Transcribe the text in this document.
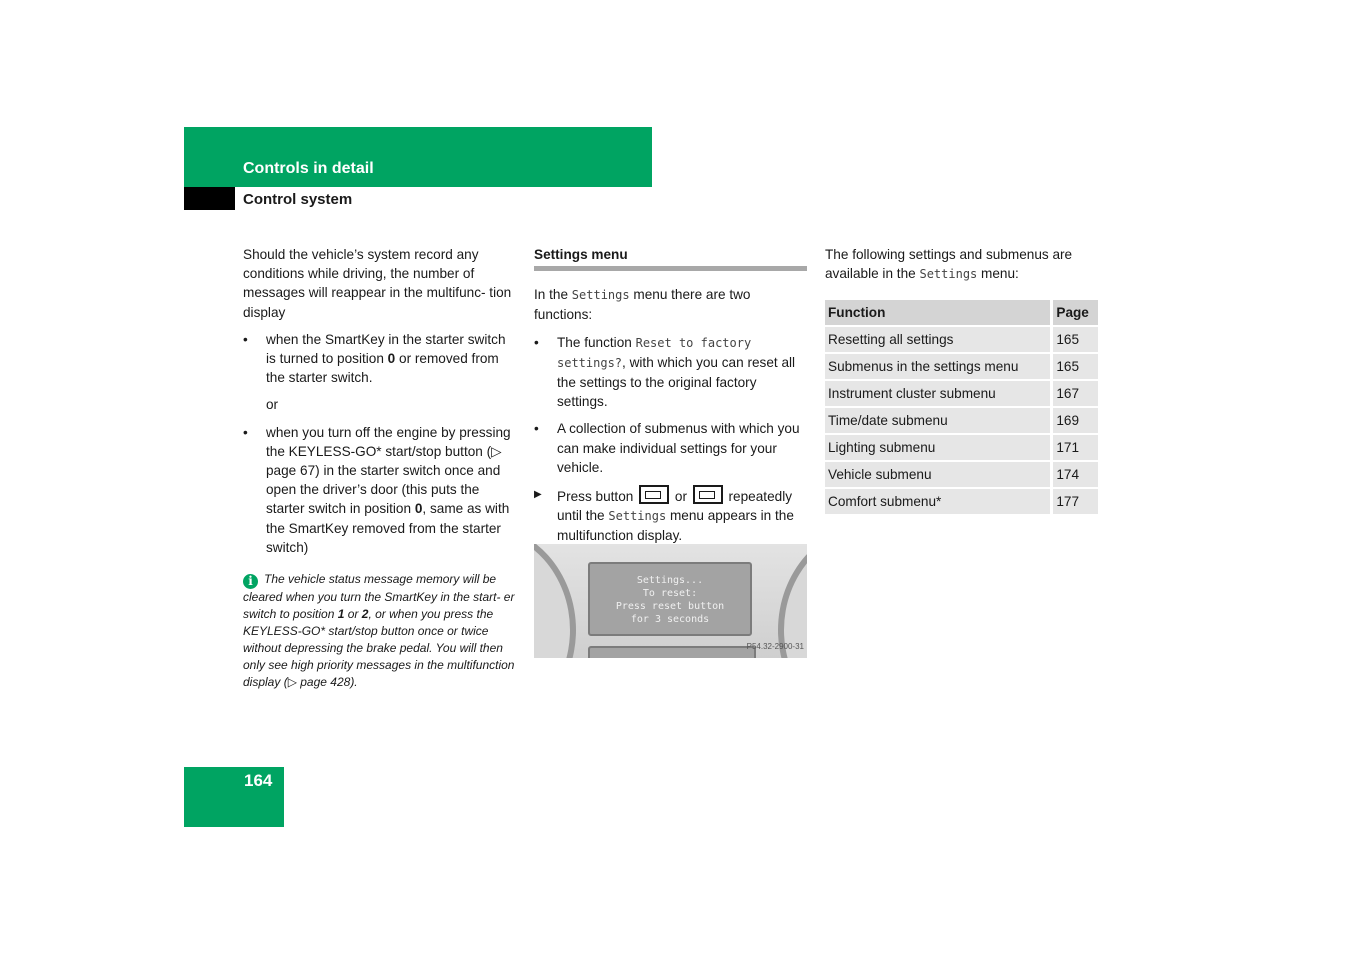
Controls in detail
Control system

Should the vehicle’s system record any conditions while driving, the number of messages will reappear in the multifunc- tion display

• when the SmartKey in the starter switch is turned to position 0 or removed from the starter switch.
or
• when you turn off the engine by pressing the KEYLESS-GO* start/stop button (▷ page 67) in the starter switch once and open the driver’s door (this puts the starter switch in position 0, same as with the SmartKey removed from the starter switch)
i The vehicle status message memory will be cleared when you turn the SmartKey in the start- er switch to position 1 or 2, or when you press the KEYLESS-GO* start/stop button once or twice without depressing the brake pedal. You will then only see high priority messages in the multifunction display (▷ page 428).
Settings menu

In the Settings menu there are two functions:

• The function Reset to factory settings?, with which you can reset all the settings to the original factory settings.
• A collection of submenus with which you can make individual settings for your vehicle.
▶ Press button	or	repeatedly until the Settings menu appears in the multifunction display.
Settings...
To reset:
Press reset button
for 3 seconds
P54.32-2900-31

The following settings and submenus are available in the Settings menu:

Function	Page
Resetting all settings	165
Submenus in the settings menu	165
Instrument cluster submenu	167
Time/date submenu	169
Lighting submenu	171
Vehicle submenu	174
Comfort submenu*	177
164
